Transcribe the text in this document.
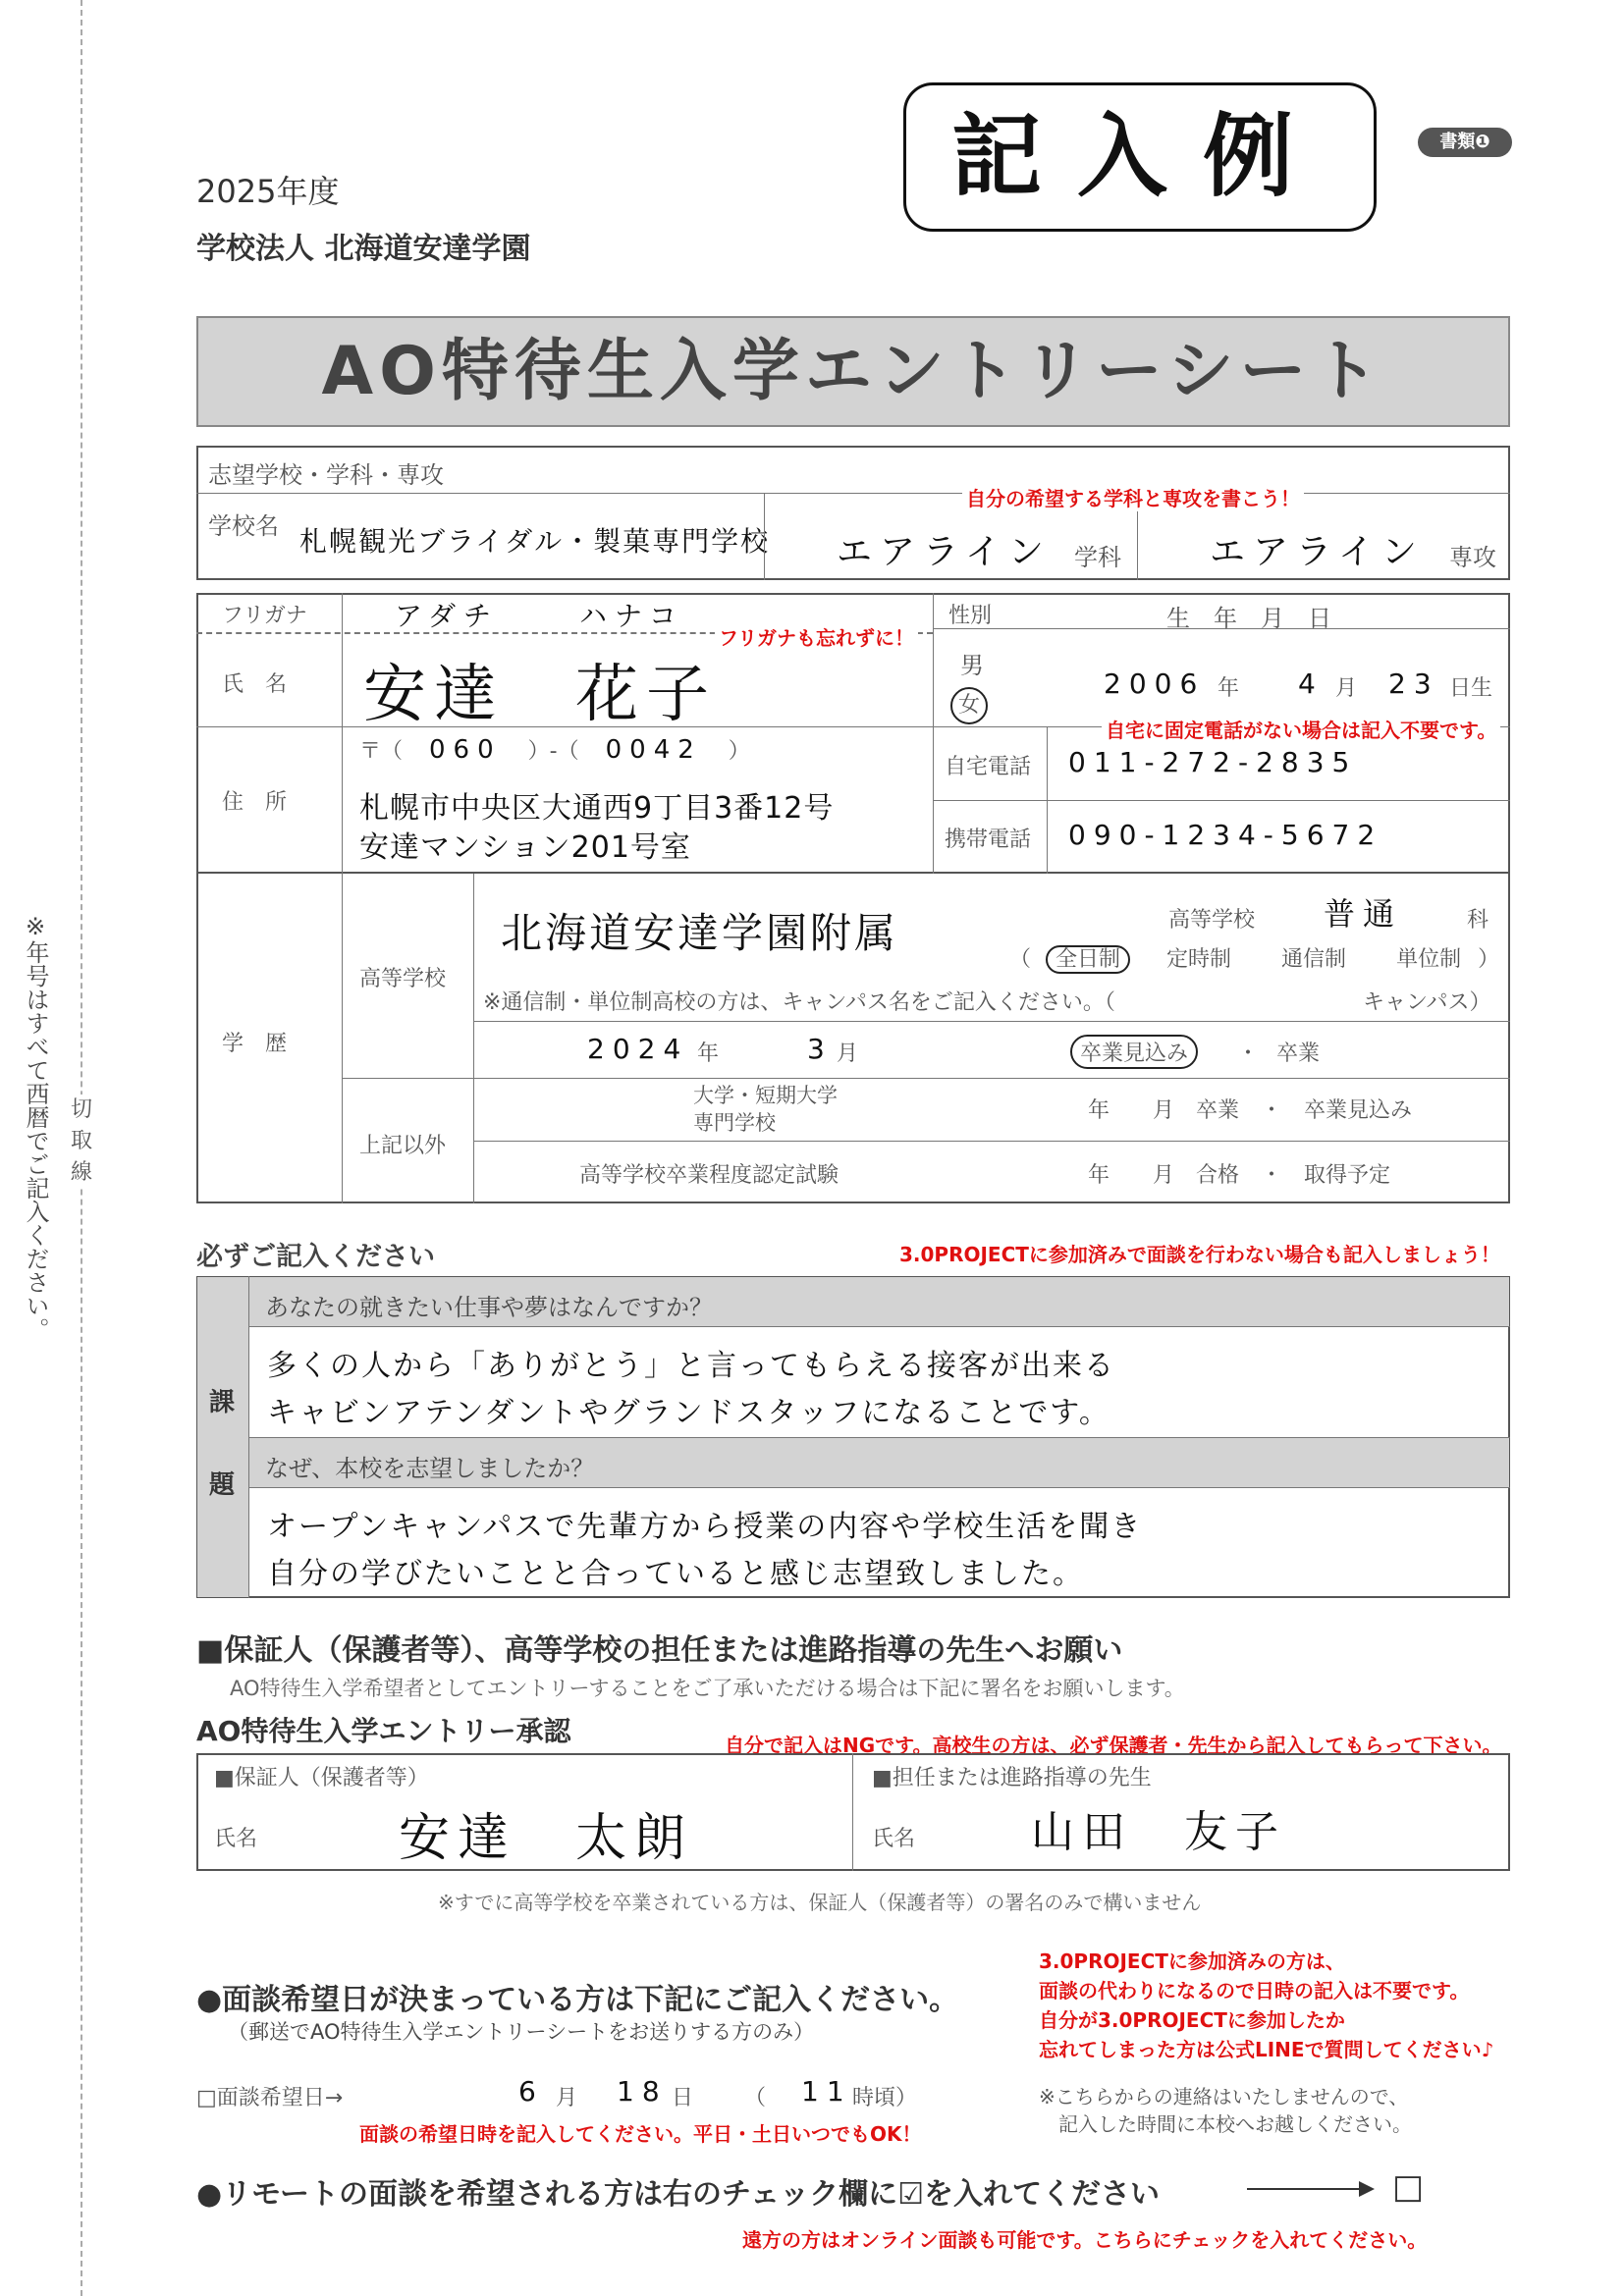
切取線
※年号はすべて西暦でご記入ください。
2025年度
学校法人 北海道安達学園
記入例	書類❶
AO特待生入学エントリーシート
志望学校・学科・専攻
学校名 札幌観光ブライダル・製菓専門学校 エアライン 学科	エアライン 専攻
自分の希望する学科と専攻を書こう！
フリガナ	アダチ	ハナコ
フリガナも忘れずに！
氏　名 安達　花子
性別	生　年　月　日
男
女
2006 年 4 月 23 日生
自宅に固定電話がない場合は記入不要です。
住　所
〒（ 060 ）-（ 0042 ）
札幌市中央区大通西9丁目3番12号
安達マンション201号室
自宅電話 011-272-2835
携帯電話 090-1234-5672
学　歴
高等学校
北海道安達学園附属	高等学校 普通	科
（ 全日制 定時制 通信制 単位制 ）
※通信制・単位制高校の方は、キャンパス名をご記入ください。（	キャンパス）
2024 年	3 月	卒業見込み	・ 卒業
上記以外
大学・短期大学
専門学校	年　　月　卒業　・　卒業見込み
高等学校卒業程度認定試験	年　　月　合格　・　取得予定
必ずご記入ください	3.0PROJECTに参加済みで面談を行わない場合も記入しましょう！
課
題
あなたの就きたい仕事や夢はなんですか？
多くの人から「ありがとう」と言ってもらえる接客が出来る
キャビンアテンダントやグランドスタッフになることです。
なぜ、本校を志望しましたか？
オープンキャンパスで先輩方から授業の内容や学校生活を聞き
自分の学びたいことと合っていると感じ志望致しました。
■保証人（保護者等）、高等学校の担任または進路指導の先生へお願い
AO特待生入学希望者としてエントリーすることをご了承いただける場合は下記に署名をお願いします。
AO特待生入学エントリー承認	自分で記入はNGです。高校生の方は、必ず保護者・先生から記入してもらって下さい。
■保証人（保護者等）
氏名	安達　太朗
■担任または進路指導の先生
氏名	山田　友子
※すでに高等学校を卒業されている方は、保証人（保護者等）の署名のみで構いません
●面談希望日が決まっている方は下記にご記入ください。
（郵送でAO特待生入学エントリーシートをお送りする方のみ）
3.0PROJECTに参加済みの方は、
面談の代わりになるので日時の記入は不要です。
自分が3.0PROJECTに参加したか
忘れてしまった方は公式LINEで質問してください♪
□面談希望日→	6 月 18 日 （ 11 時頃）
面談の希望日時を記入してください。平日・土日いつでもOK！
※こちらからの連絡はいたしませんので、
記入した時間に本校へお越しください。
●リモートの面談を希望される方は右のチェック欄に☑を入れてください	□
遠方の方はオンライン面談も可能です。こちらにチェックを入れてください。
